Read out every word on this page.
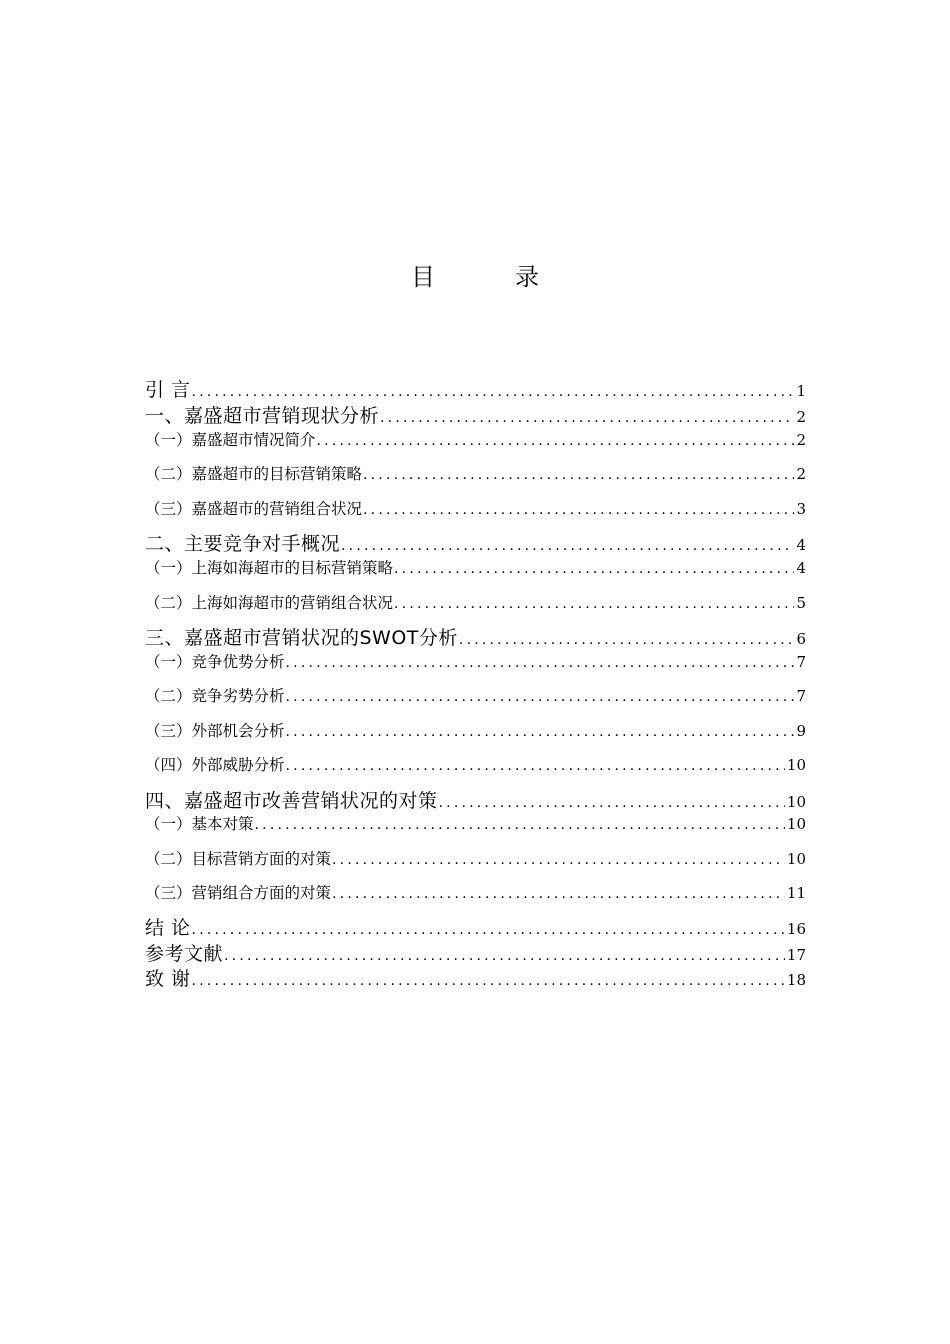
目　录
引 言 .....	1
一、嘉盛超市营销现状分析 .....	2
（一）嘉盛超市情况简介 .....	2
（二）嘉盛超市的目标营销策略 .....	2
（三）嘉盛超市的营销组合状况 .....	3
二、主要竞争对手概况 .....	4
（一）上海如海超市的目标营销策略 .....	4
（二）上海如海超市的营销组合状况 .....	5
三、嘉盛超市营销状况的SWOT分析 .....	6
（一）竞争优势分析 .....	7
（二）竞争劣势分析 .....	7
（三）外部机会分析 .....	9
（四）外部威胁分析 .....	10
四、嘉盛超市改善营销状况的对策 .....	10
（一）基本对策 .....	10
（二）目标营销方面的对策 .....	10
（三）营销组合方面的对策 .....	11
结 论 .....	16
参考文献 .....	17
致 谢 .....	18
